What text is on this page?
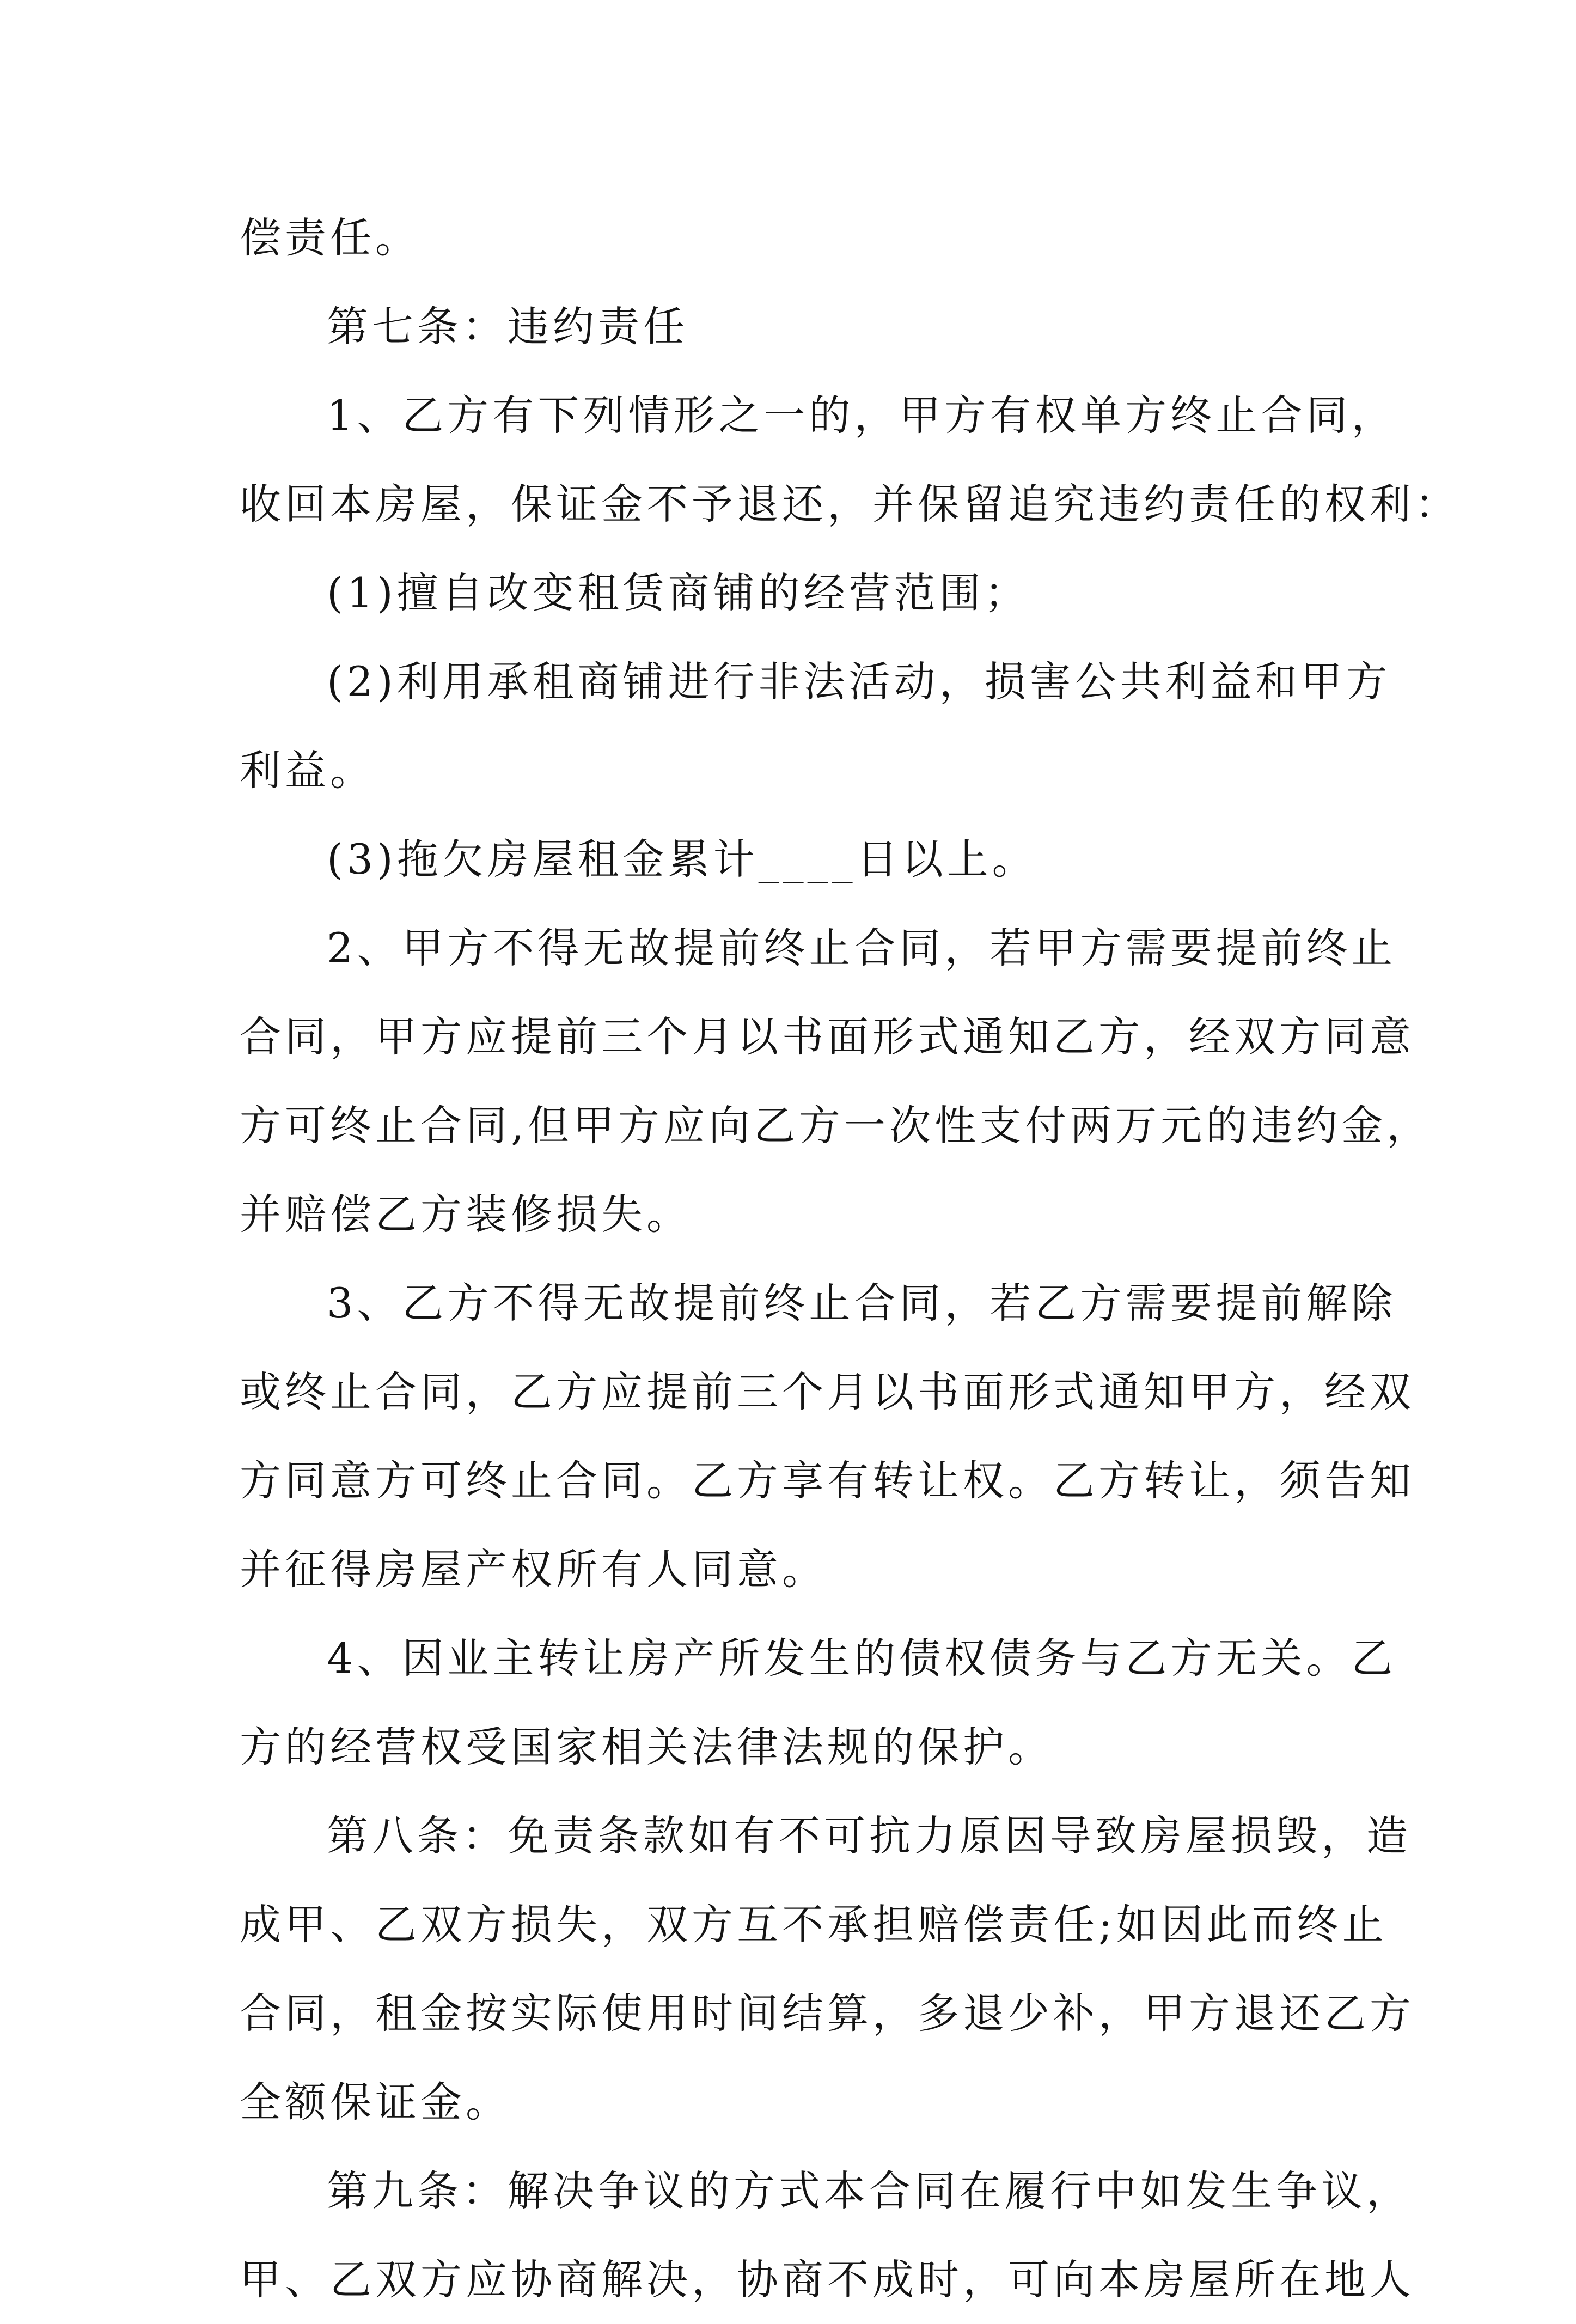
偿责任。

第七条：违约责任

1、乙方有下列情形之一的，甲方有权单方终止合同，
收回本房屋，保证金不予退还，并保留追究违约责任的权利：

(1)擅自改变租赁商铺的经营范围；

(2)利用承租商铺进行非法活动，损害公共利益和甲方
利益。

(3)拖欠房屋租金累计____日以上。

2、甲方不得无故提前终止合同，若甲方需要提前终止
合同，甲方应提前三个月以书面形式通知乙方，经双方同意
方可终止合同,但甲方应向乙方一次性支付两万元的违约金，
并赔偿乙方装修损失。

3、乙方不得无故提前终止合同，若乙方需要提前解除
或终止合同，乙方应提前三个月以书面形式通知甲方，经双
方同意方可终止合同。乙方享有转让权。乙方转让，须告知
并征得房屋产权所有人同意。

4、因业主转让房产所发生的债权债务与乙方无关。乙
方的经营权受国家相关法律法规的保护。

第八条：免责条款如有不可抗力原因导致房屋损毁，造
成甲、乙双方损失，双方互不承担赔偿责任;如因此而终止
合同，租金按实际使用时间结算，多退少补，甲方退还乙方
全额保证金。

第九条：解决争议的方式本合同在履行中如发生争议，
甲、乙双方应协商解决，协商不成时，可向本房屋所在地人
